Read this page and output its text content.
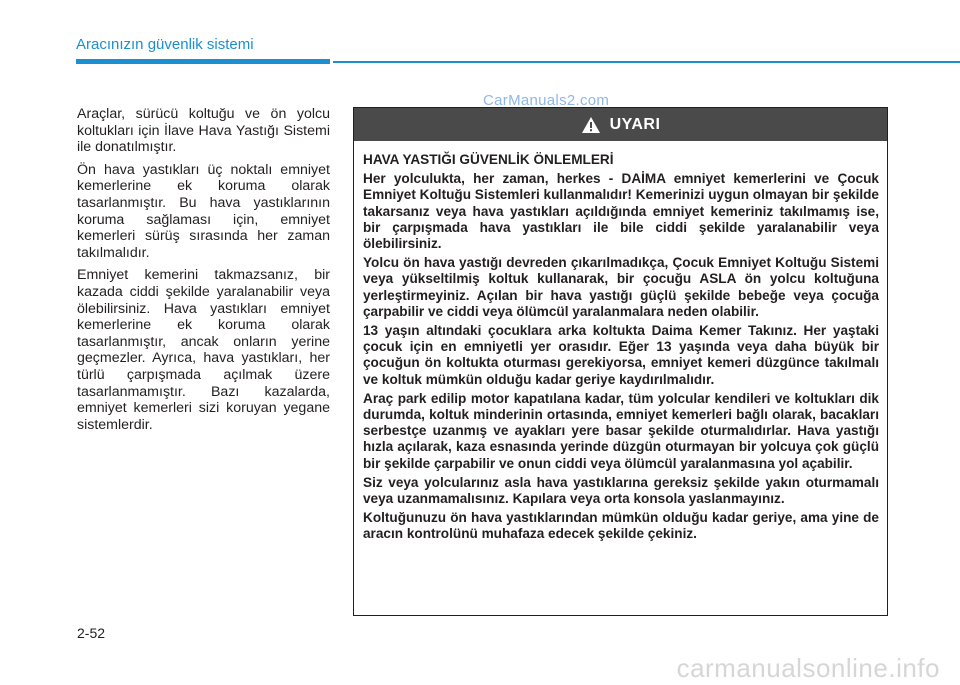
Aracınızın güvenlik sistemi

Araçlar, sürücü koltuğu ve ön yolcu koltukları için İlave Hava Yastığı Sistemi ile donatılmıştır.

Ön hava yastıkları üç noktalı emniyet kemerlerine ek koruma olarak tasarlanmıştır. Bu hava yastıklarının koruma sağlaması için, emniyet kemerleri sürüş sırasında her zaman takılmalıdır.

Emniyet kemerini takmazsanız, bir kazada ciddi şekilde yaralanabilir veya ölebilirsiniz. Hava yastıkları emniyet kemerlerine ek koruma olarak tasarlanmıştır, ancak onların yerine geçmezler. Ayrıca, hava yastıkları, her türlü çarpışmada açılmak üzere tasarlanmamıştır. Bazı kazalarda, emniyet kemerleri sizi koruyan yegane sistemlerdir.

UYARI

HAVA YASTIĞI GÜVENLİK ÖNLEMLERİ

Her yolculukta, her zaman, herkes - DAİMA emniyet kemerlerini ve Çocuk Emniyet Koltuğu Sistemleri kullanmalıdır! Kemerinizi uygun olmayan bir şekilde takarsanız veya hava yastıkları açıldığında emniyet kemeriniz takılmamış ise, bir çarpışmada hava yastıkları ile bile ciddi şekilde yaralanabilir veya ölebilirsiniz.

Yolcu ön hava yastığı devreden çıkarılmadıkça, Çocuk Emniyet Koltuğu Sistemi veya yükseltilmiş koltuk kullanarak, bir çocuğu ASLA ön yolcu koltuğuna yerleştirmeyiniz. Açılan bir hava yastığı güçlü şekilde bebeğe veya çocuğa çarpabilir ve ciddi veya ölümcül yaralanmalara neden olabilir.

13 yaşın altındaki çocuklara arka koltukta Daima Kemer Takınız. Her yaştaki çocuk için en emniyetli yer orasıdır. Eğer 13 yaşında veya daha büyük bir çocuğun ön koltukta oturması gerekiyorsa, emniyet kemeri düzgünce takılmalı ve koltuk mümkün olduğu kadar geriye kaydırılmalıdır.

Araç park edilip motor kapatılana kadar, tüm yolcular kendileri ve koltukları dik durumda, koltuk minderinin ortasında, emniyet kemerleri bağlı olarak, bacakları serbestçe uzanmış ve ayakları yere basar şekilde oturmalıdırlar. Hava yastığı hızla açılarak, kaza esnasında yerinde düzgün oturmayan bir yolcuya çok güçlü bir şekilde çarpabilir ve onun ciddi veya ölümcül yaralanmasına yol açabilir.

Siz veya yolcularınız asla hava yastıklarına gereksiz şekilde yakın oturmamalı veya uzanmamalısınız. Kapılara veya orta konsola yaslanmayınız.

Koltuğunuzu ön hava yastıklarından mümkün olduğu kadar geriye, ama yine de aracın kontrolünü muhafaza edecek şekilde çekiniz.

CarManuals2.com
2-52
carmanualsonline.info
